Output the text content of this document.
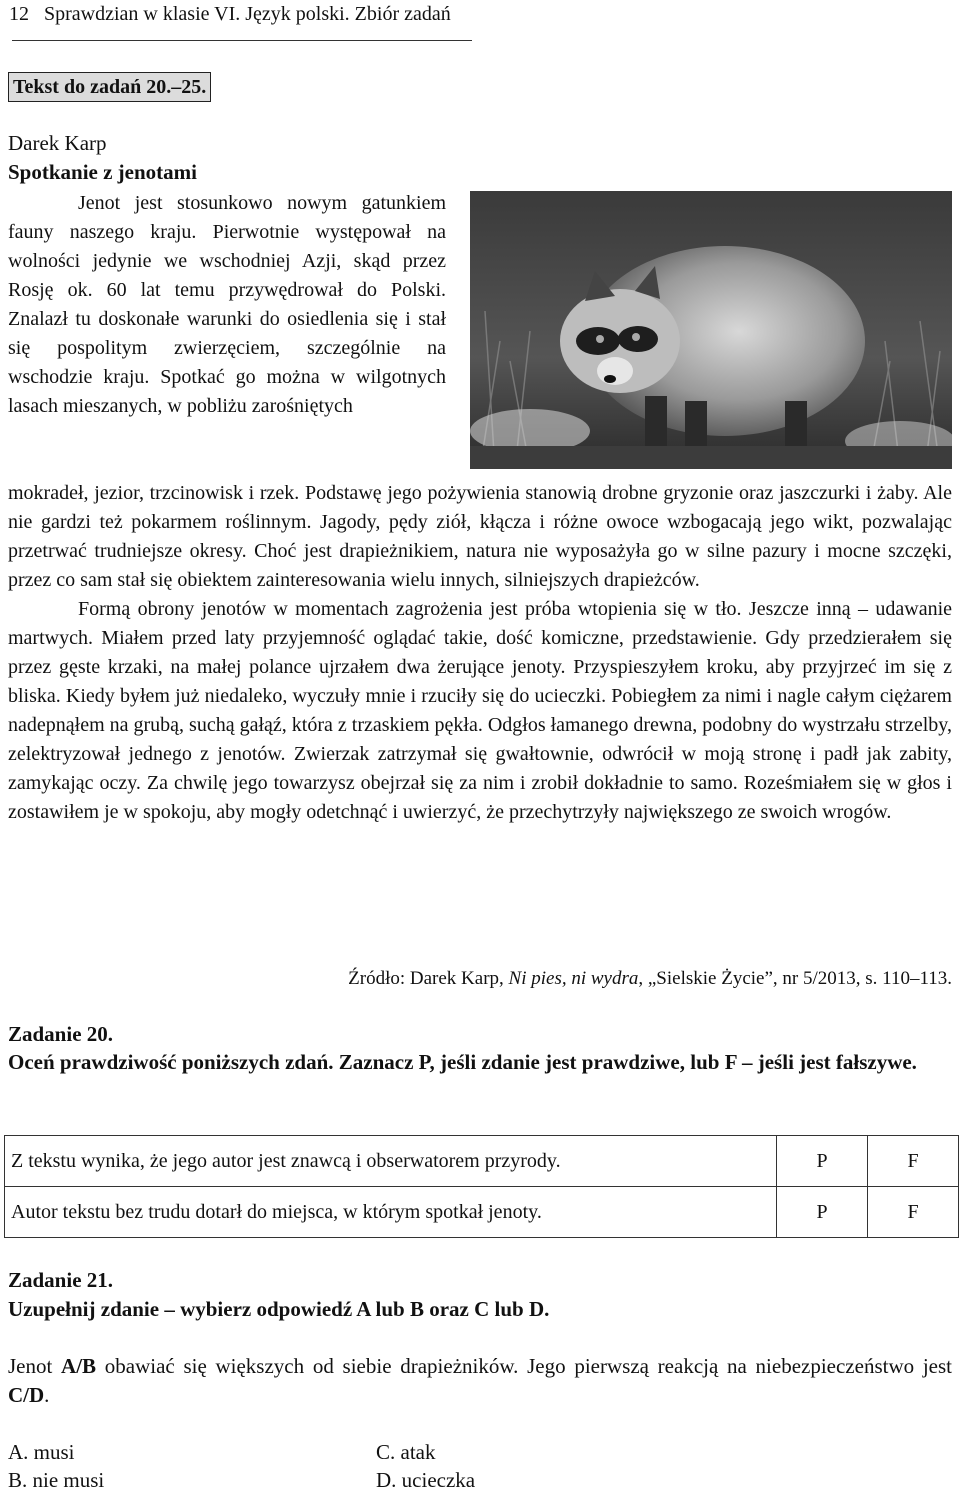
12 Sprawdzian w klasie VI. Język polski. Zbiór zadań
Tekst do zadań 20.–25.
Darek Karp
Spotkanie z jenotami

Jenot jest stosunkowo nowym gatunkiem fauny naszego kraju. Pierwotnie występował na wolności jedynie we wschodniej Azji, skąd przez Rosję ok. 60 lat temu przywędrował do Polski. Znalazł tu doskonałe warunki do osiedlenia się i stał się pospolitym zwierzęciem, szczególnie na wschodzie kraju. Spotkać go można w wilgotnych lasach mieszanych, w pobliżu zarośniętych

mokradeł, jezior, trzcinowisk i rzek. Podstawę jego pożywienia stanowią drobne gryzonie oraz jaszczurki i żaby. Ale nie gardzi też pokarmem roślinnym. Jagody, pędy ziół, kłącza i różne owoce wzbogacają jego wikt, pozwalając przetrwać trudniejsze okresy. Choć jest drapieżnikiem, natura nie wyposażyła go w silne pazury i mocne szczęki, przez co sam stał się obiektem zainteresowania wielu innych, silniejszych drapieżców.

Formą obrony jenotów w momentach zagrożenia jest próba wtopienia się w tło. Jeszcze inną – udawanie martwych. Miałem przed laty przyjemność oglądać takie, dość komiczne, przedstawienie. Gdy przedzierałem się przez gęste krzaki, na małej polance ujrzałem dwa żerujące jenoty. Przyspieszyłem kroku, aby przyjrzeć im się z bliska. Kiedy byłem już niedaleko, wyczuły mnie i rzuciły się do ucieczki. Pobiegłem za nimi i nagle całym ciężarem nadepnąłem na grubą, suchą gałąź, która z trzaskiem pękła. Odgłos łamanego drewna, podobny do wystrzału strzelby, zelektryzował jednego z jenotów. Zwierzak zatrzymał się gwałtownie, odwrócił w moją stronę i padł jak zabity, zamykając oczy. Za chwilę jego towarzysz obejrzał się za nim i zrobił dokładnie to samo. Roześmiałem się w głos i zostawiłem je w spokoju, aby mogły odetchnąć i uwierzyć, że przechytrzyły największego ze swoich wrogów.

Źródło: Darek Karp, Ni pies, ni wydra, „Sielskie Życie”, nr 5/2013, s. 110–113.
Zadanie 20.
Oceń prawdziwość poniższych zdań. Zaznacz P, jeśli zdanie jest prawdziwe, lub F – jeśli jest fałszywe.
Z tekstu wynika, że jego autor jest znawcą i obserwatorem przyrody.	P	F
Autor tekstu bez trudu dotarł do miejsca, w którym spotkał jenoty.	P	F
Zadanie 21.
Uzupełnij zdanie – wybierz odpowiedź A lub B oraz C lub D.
Jenot A/B obawiać się większych od siebie drapieżników. Jego pierwszą reakcją na niebezpieczeństwo jest C/D.
A. musi
B. nie musi
C. atak
D. ucieczka
